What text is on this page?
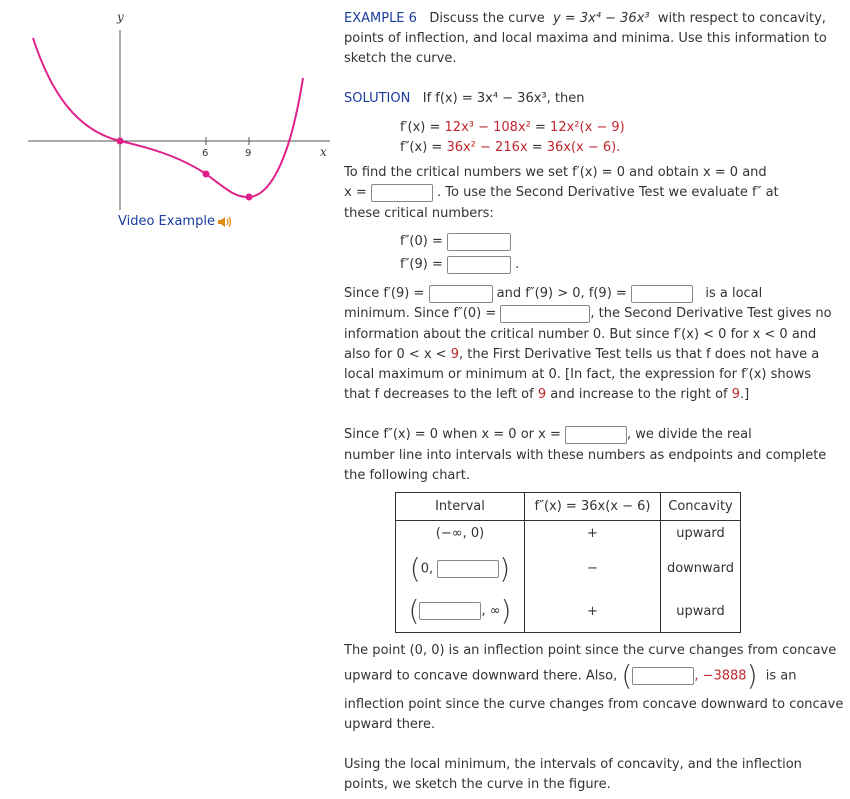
y
x
6	9
Video Example
EXAMPLE 6 Discuss the curve y = 3x⁴ − 36x³ with respect to concavity,
points of inflection, and local maxima and minima. Use this information to
sketch the curve.
SOLUTION If f(x) = 3x⁴ − 36x³, then
f′(x) = 12x³ − 108x² = 12x²(x − 9)
f″(x) = 36x² − 216x = 36x(x − 6).
To find the critical numbers we set f′(x) = 0 and obtain x = 0 and
x =	. To use the Second Derivative Test we evaluate f″ at
these critical numbers:
f″(0) =
f″(9) =	.
Since f′(9) =	and f″(9) > 0, f(9) =	is a local
minimum. Since f″(0) =	, the Second Derivative Test gives no
information about the critical number 0. But since f′(x) < 0 for x < 0 and
also for 0 < x < 9, the First Derivative Test tells us that f does not have a
local maximum or minimum at 0. [In fact, the expression for f′(x) shows
that f decreases to the left of 9 and increase to the right of 9.]
Since f″(x) = 0 when x = 0 or x =	, we divide the real
number line into intervals with these numbers as endpoints and complete
the following chart.
Interval	f″(x) = 36x(x − 6)	Concavity
(−∞, 0)	+	upward
(0, )	−	downward
( , ∞)	+	upward
The point (0, 0) is an inflection point since the curve changes from concave
upward to concave downward there. Also, (	, −3888) is an
inflection point since the curve changes from concave downward to concave
upward there.
Using the local minimum, the intervals of concavity, and the inflection
points, we sketch the curve in the figure.
